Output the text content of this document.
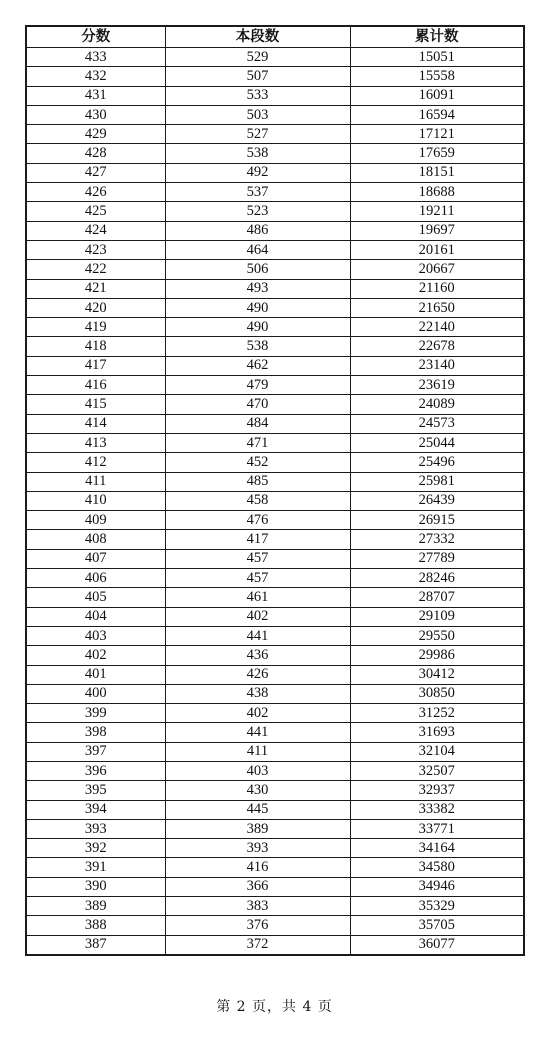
分数	本段数	累计数
433	529	15051
432	507	15558
431	533	16091
430	503	16594
429	527	17121
428	538	17659
427	492	18151
426	537	18688
425	523	19211
424	486	19697
423	464	20161
422	506	20667
421	493	21160
420	490	21650
419	490	22140
418	538	22678
417	462	23140
416	479	23619
415	470	24089
414	484	24573
413	471	25044
412	452	25496
411	485	25981
410	458	26439
409	476	26915
408	417	27332
407	457	27789
406	457	28246
405	461	28707
404	402	29109
403	441	29550
402	436	29986
401	426	30412
400	438	30850
399	402	31252
398	441	31693
397	411	32104
396	403	32507
395	430	32937
394	445	33382
393	389	33771
392	393	34164
391	416	34580
390	366	34946
389	383	35329
388	376	35705
387	372	36077
第 2 页，共 4 页
